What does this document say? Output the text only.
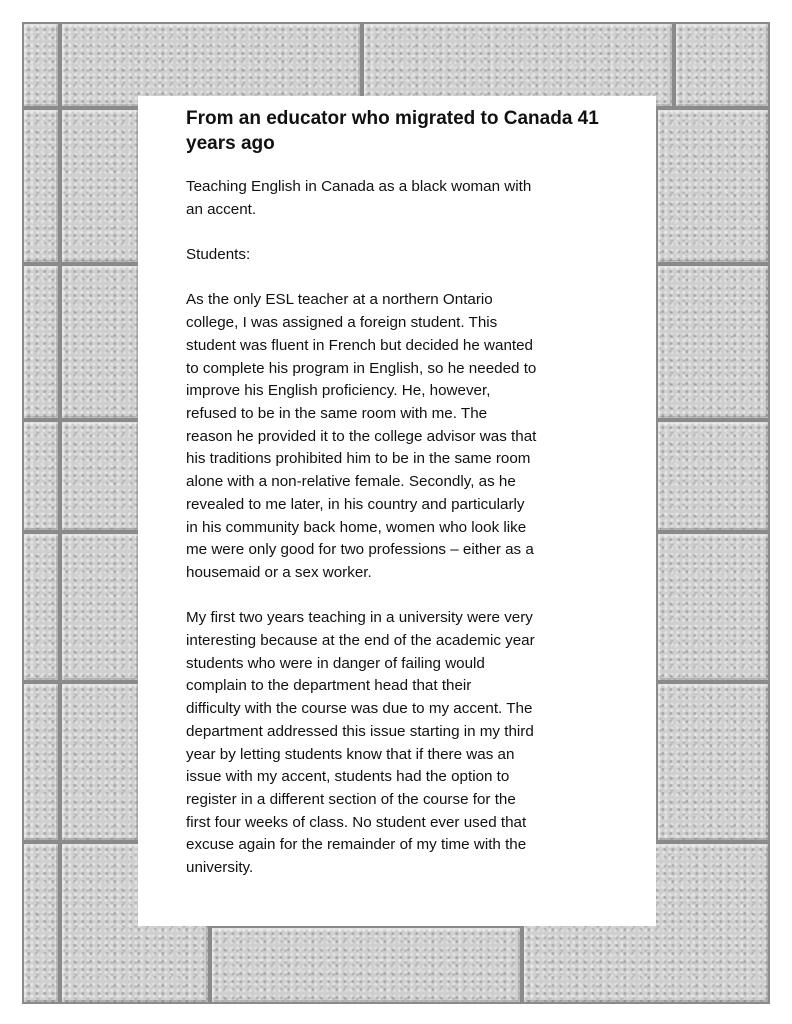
From an educator who migrated to Canada 41 years ago
Teaching English in Canada as a black woman with
an accent.
Students:
As the only ESL teacher at a northern Ontario
college, I was assigned a foreign student. This
student was fluent in French but decided he wanted
to complete his program in English, so he needed to
improve his English proficiency. He, however,
refused to be in the same room with me. The
reason he provided it to the college advisor was that
his traditions prohibited him to be in the same room
alone with a non-relative female. Secondly, as he
revealed to me later, in his country and particularly
in his community back home, women who look like
me were only good for two professions – either as a
housemaid or a sex worker.
My first two years teaching in a university were very
interesting because at the end of the academic year
students who were in danger of failing would
complain to the department head that their
difficulty with the course was due to my accent. The
department addressed this issue starting in my third
year by letting students know that if there was an
issue with my accent, students had the option to
register in a different section of the course for the
first four weeks of class. No student ever used that
excuse again for the remainder of my time with the
university.
